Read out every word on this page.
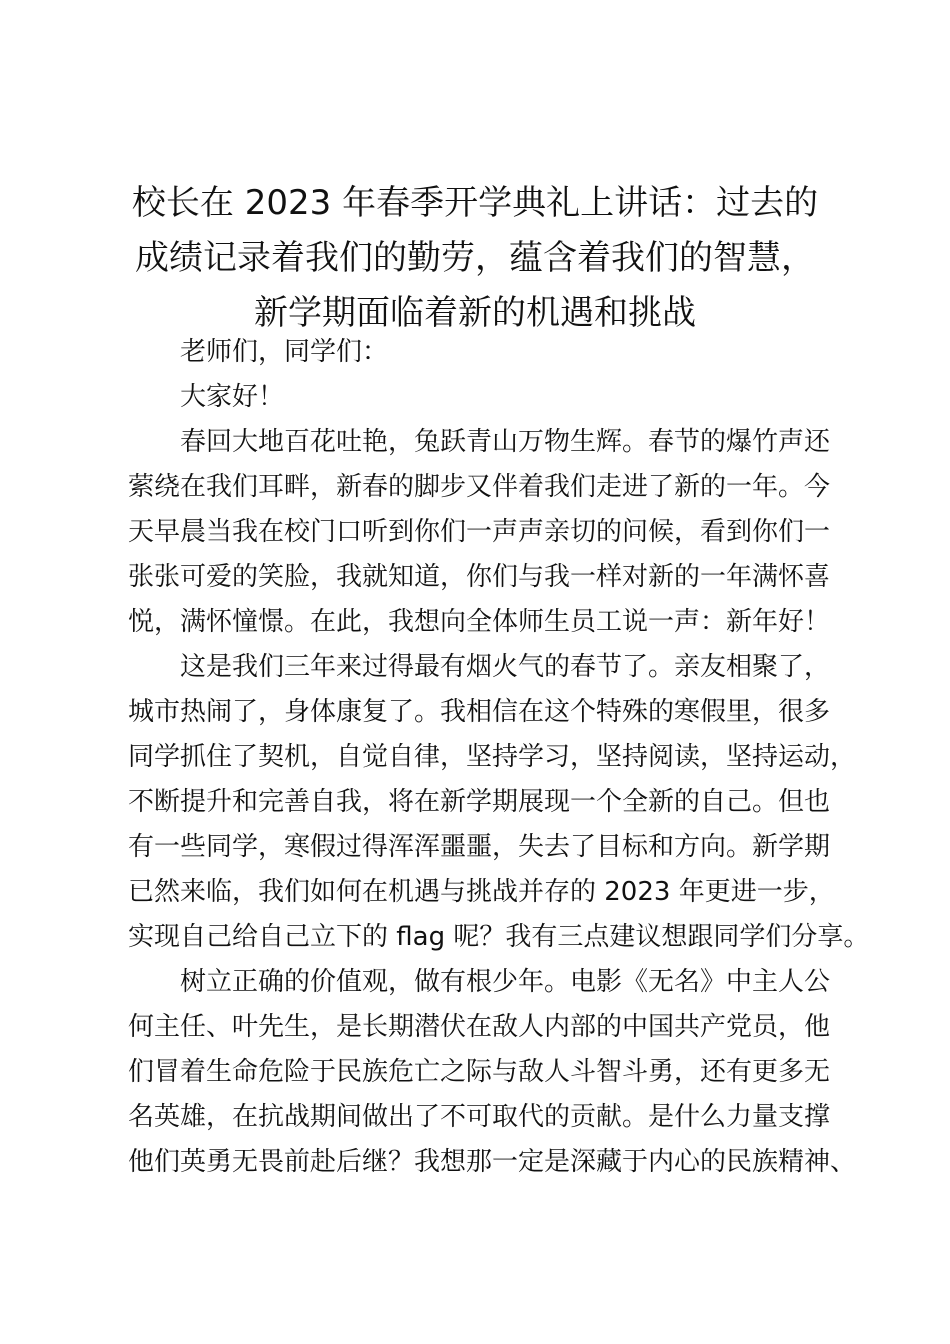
校长在 2023 年春季开学典礼上讲话：过去的
成绩记录着我们的勤劳，蕴含着我们的智慧，
新学期面临着新的机遇和挑战
老师们，同学们：
大家好！
春回大地百花吐艳，兔跃青山万物生辉。春节的爆竹声还
萦绕在我们耳畔，新春的脚步又伴着我们走进了新的一年。今
天早晨当我在校门口听到你们一声声亲切的问候，看到你们一
张张可爱的笑脸，我就知道，你们与我一样对新的一年满怀喜
悦，满怀憧憬。在此，我想向全体师生员工说一声：新年好！
这是我们三年来过得最有烟火气的春节了。亲友相聚了，
城市热闹了，身体康复了。我相信在这个特殊的寒假里，很多
同学抓住了契机，自觉自律，坚持学习，坚持阅读，坚持运动，
不断提升和完善自我，将在新学期展现一个全新的自己。但也
有一些同学，寒假过得浑浑噩噩，失去了目标和方向。新学期
已然来临，我们如何在机遇与挑战并存的 2023 年更进一步，
实现自己给自己立下的 flag 呢？我有三点建议想跟同学们分享。
树立正确的价值观，做有根少年。电影《无名》中主人公
何主任、叶先生，是长期潜伏在敌人内部的中国共产党员，他
们冒着生命危险于民族危亡之际与敌人斗智斗勇，还有更多无
名英雄，在抗战期间做出了不可取代的贡献。是什么力量支撑
他们英勇无畏前赴后继？我想那一定是深藏于内心的民族精神、
